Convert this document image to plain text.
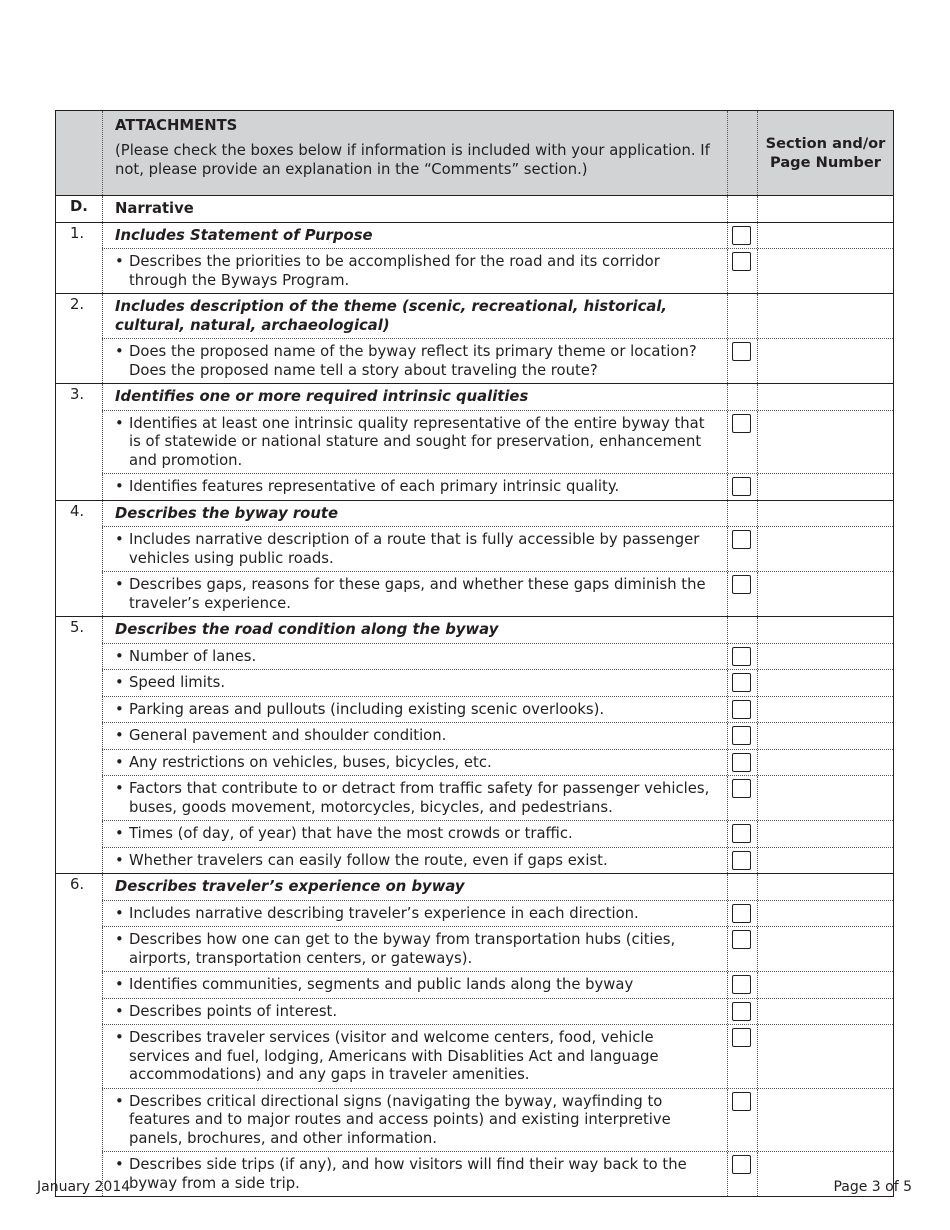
ATTACHMENTS
(Please check the boxes below if information is included with your application. If not, please provide an explanation in the “Comments” section.)
Section and/or Page Number
D.	Narrative
1.	Includes Statement of Purpose
• Describes the priorities to be accomplished for the road and its corridor through the Byways Program.
2.	Includes description of the theme (scenic, recreational, historical, cultural, natural, archaeological)
• Does the proposed name of the byway reflect its primary theme or location? Does the proposed name tell a story about traveling the route?
3.	Identifies one or more required intrinsic qualities
• Identifies at least one intrinsic quality representative of the entire byway that is of statewide or national stature and sought for preservation, enhancement and promotion.
• Identifies features representative of each primary intrinsic quality.
4.	Describes the byway route
• Includes narrative description of a route that is fully accessible by passenger vehicles using public roads.
• Describes gaps, reasons for these gaps, and whether these gaps diminish the traveler’s experience.
5.	Describes the road condition along the byway
• Number of lanes.
• Speed limits.
• Parking areas and pullouts (including existing scenic overlooks).
• General pavement and shoulder condition.
• Any restrictions on vehicles, buses, bicycles, etc.
• Factors that contribute to or detract from traffic safety for passenger vehicles, buses, goods movement, motorcycles, bicycles, and pedestrians.
• Times (of day, of year) that have the most crowds or traffic.
• Whether travelers can easily follow the route, even if gaps exist.
6.	Describes traveler’s experience on byway
• Includes narrative describing traveler’s experience in each direction.
• Describes how one can get to the byway from transportation hubs (cities, airports, transportation centers, or gateways).
• Identifies communities, segments and public lands along the byway
• Describes points of interest.
• Describes traveler services (visitor and welcome centers, food, vehicle services and fuel, lodging, Americans with Disablities Act and language accommodations) and any gaps in traveler amenities.
• Describes critical directional signs (navigating the byway, wayfinding to features and to major routes and access points) and existing interpretive panels, brochures, and other information.
• Describes side trips (if any), and how visitors will find their way back to the byway from a side trip.
January 2014	Page 3 of 5
